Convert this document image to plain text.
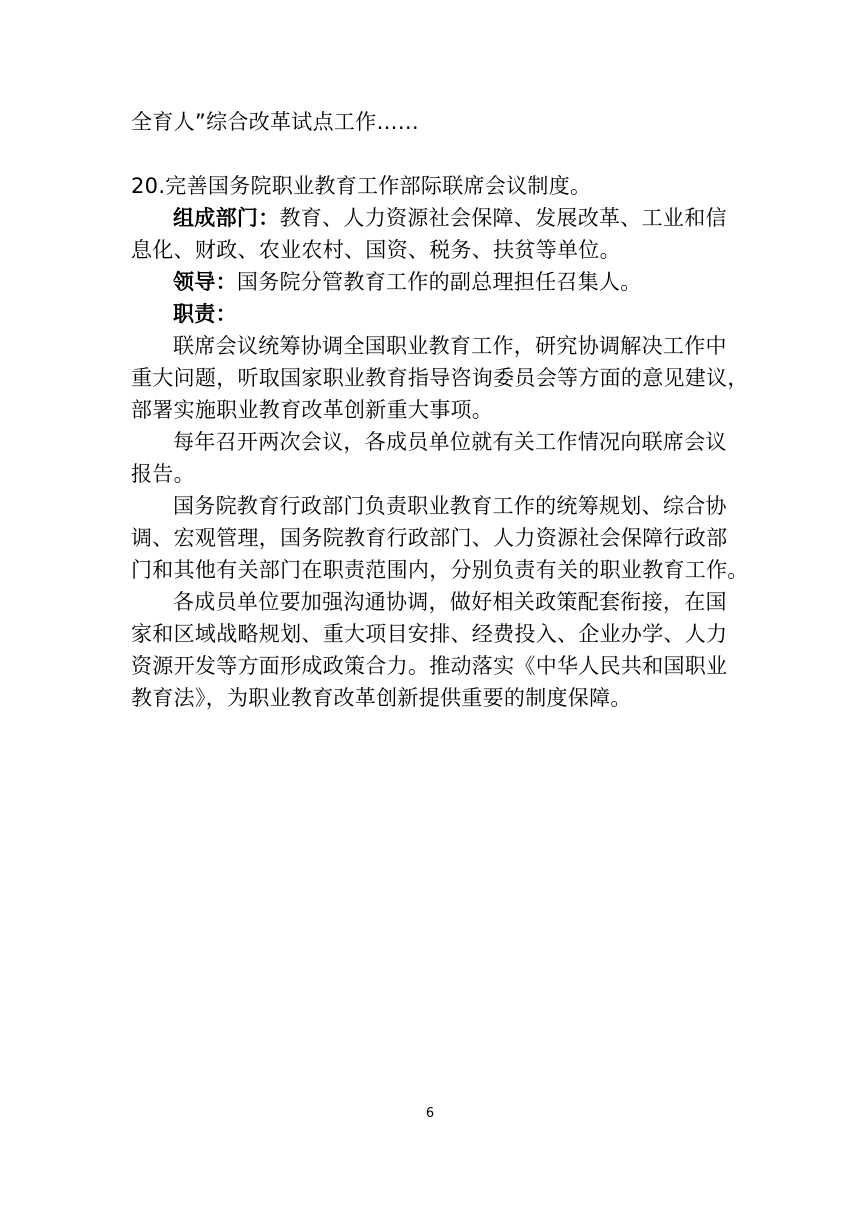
全育人”综合改革试点工作……
20.完善国务院职业教育工作部际联席会议制度。
组成部门：教育、人力资源社会保障、发展改革、工业和信
息化、财政、农业农村、国资、税务、扶贫等单位。
领导：国务院分管教育工作的副总理担任召集人。
职责：
联席会议统筹协调全国职业教育工作，研究协调解决工作中
重大问题，听取国家职业教育指导咨询委员会等方面的意见建议，
部署实施职业教育改革创新重大事项。
每年召开两次会议，各成员单位就有关工作情况向联席会议
报告。
国务院教育行政部门负责职业教育工作的统筹规划、综合协
调、宏观管理，国务院教育行政部门、人力资源社会保障行政部
门和其他有关部门在职责范围内，分别负责有关的职业教育工作。
各成员单位要加强沟通协调，做好相关政策配套衔接，在国
家和区域战略规划、重大项目安排、经费投入、企业办学、人力
资源开发等方面形成政策合力。推动落实《中华人民共和国职业
教育法》，为职业教育改革创新提供重要的制度保障。
6
